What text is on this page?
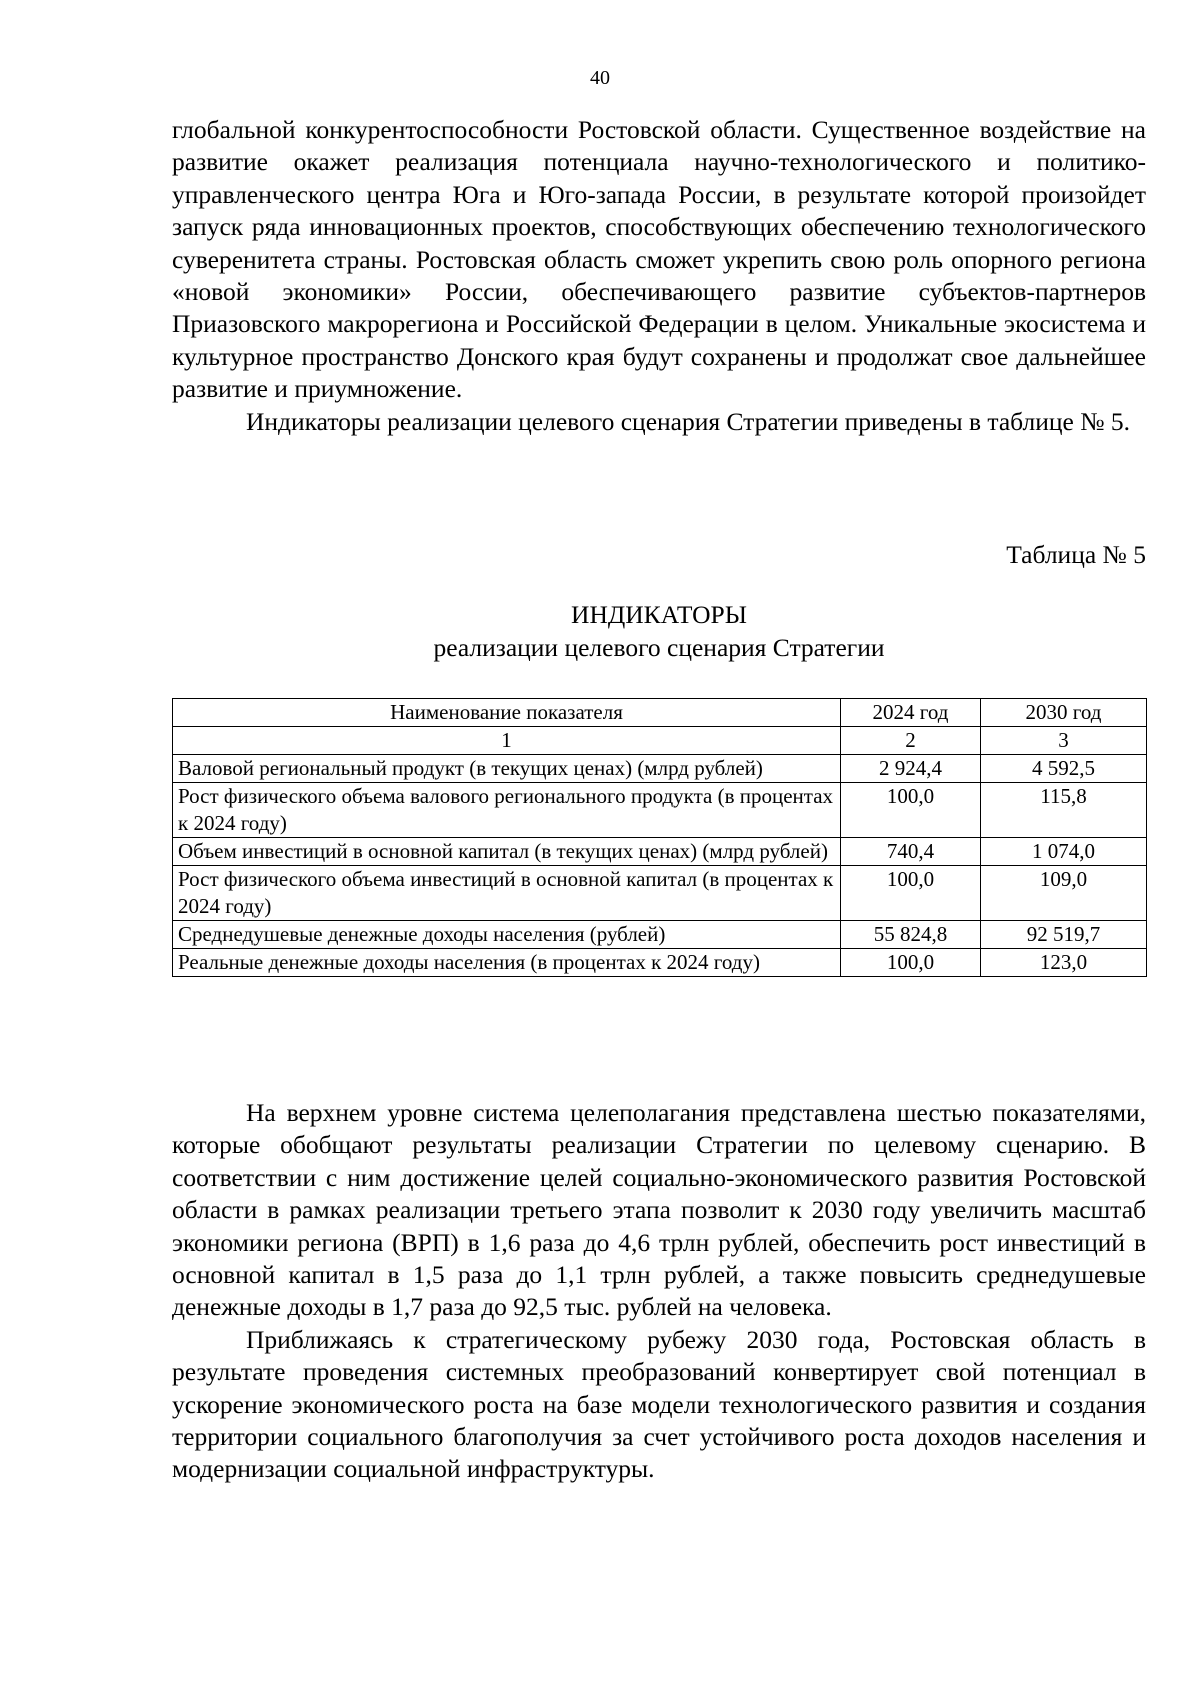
40

глобальной конкурентоспособности Ростовской области. Существенное воздействие на развитие окажет реализация потенциала научно-технологического и политико-управленческого центра Юга и Юго-запада России, в результате которой произойдет запуск ряда инновационных проектов, способствующих обеспечению технологического суверенитета страны. Ростовская область сможет укрепить свою роль опорного региона «новой экономики» России, обеспечивающего развитие субъектов-партнеров Приазовского макрорегиона и Российской Федерации в целом. Уникальные экосистема и культурное пространство Донского края будут сохранены и продолжат свое дальнейшее развитие и приумножение.

Индикаторы реализации целевого сценария Стратегии приведены в таблице № 5.

Таблица № 5
ИНДИКАТОРЫ
реализации целевого сценария Стратегии
Наименование показателя	2024 год	2030 год
1	2	3
Валовой региональный продукт (в текущих ценах) (млрд рублей)	2 924,4	4 592,5
Рост физического объема валового регионального продукта (в процентах к 2024 году)	100,0	115,8
Объем инвестиций в основной капитал (в текущих ценах) (млрд рублей)	740,4	1 074,0
Рост физического объема инвестиций в основной капитал (в процентах к 2024 году)	100,0	109,0
Среднедушевые денежные доходы населения (рублей)	55 824,8	92 519,7
Реальные денежные доходы населения (в процентах к 2024 году)	100,0	123,0

На верхнем уровне система целеполагания представлена шестью показателями, которые обобщают результаты реализации Стратегии по целевому сценарию. В соответствии с ним достижение целей социально-экономического развития Ростовской области в рамках реализации третьего этапа позволит к 2030 году увеличить масштаб экономики региона (ВРП) в 1,6 раза до 4,6 трлн рублей, обеспечить рост инвестиций в основной капитал в 1,5 раза до 1,1 трлн рублей, а также повысить среднедушевые денежные доходы в 1,7 раза до 92,5 тыс. рублей на человека.

Приближаясь к стратегическому рубежу 2030 года, Ростовская область в результате проведения системных преобразований конвертирует свой потенциал в ускорение экономического роста на базе модели технологического развития и создания территории социального благополучия за счет устойчивого роста доходов населения и модернизации социальной инфраструктуры.
